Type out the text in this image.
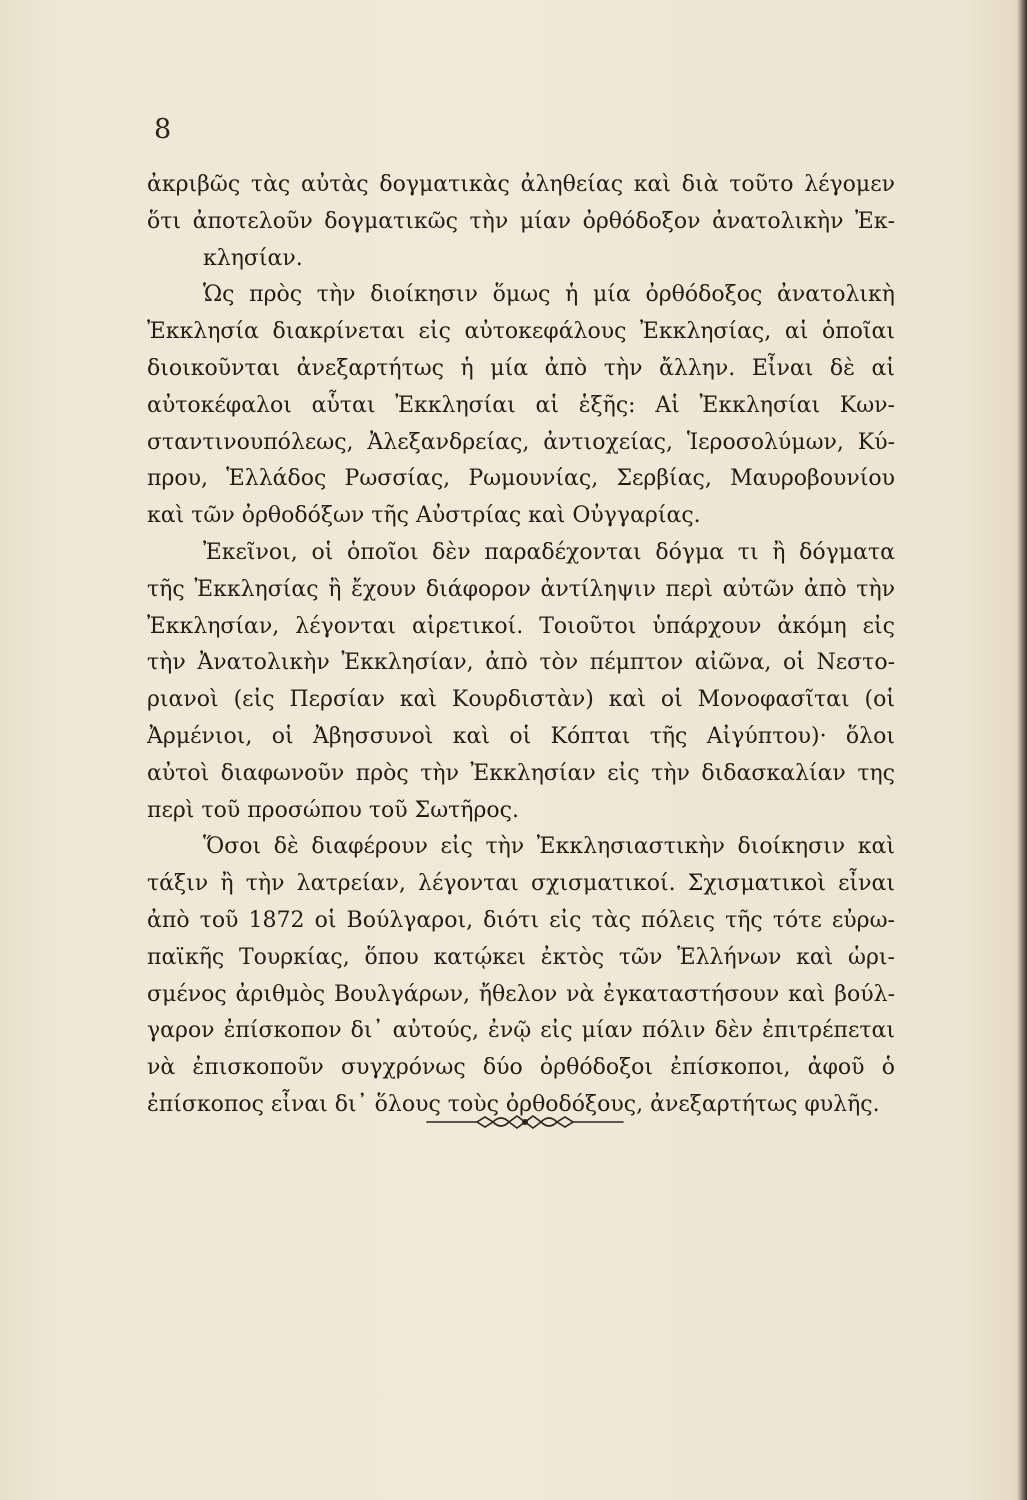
8
ἀκριβῶς τὰς αὐτὰς δογματικὰς ἀληθείας καὶ διὰ τοῦτο λέγομεν
ὅτι ἀποτελοῦν δογματικῶς τὴν μίαν ὀρθόδοξον ἀνατολικὴν Ἐκ-
κλησίαν.
Ὡς πρὸς τὴν διοίκησιν ὅμως ἡ μία ὀρθόδοξος ἀνατολικὴ
Ἐκκλησία διακρίνεται εἰς αὐτοκεφάλους Ἐκκλησίας, αἱ ὁποῖαι
διοικοῦνται ἀνεξαρτήτως ἡ μία ἀπὸ τὴν ἄλλην. Εἶναι δὲ αἱ
αὐτοκέφαλοι αὗται Ἐκκλησίαι αἱ ἑξῆς: Αἱ Ἐκκλησίαι Κων-
σταντινουπόλεως, Ἀλεξανδρείας, ἀντιοχείας, Ἱεροσολύμων, Κύ-
πρου, Ἑλλάδος Ρωσσίας, Ρωμουνίας, Σερβίας, Μαυροβουνίου
καὶ τῶν ὀρθοδόξων τῆς Αὐστρίας καὶ Οὐγγαρίας.
Ἐκεῖνοι, οἱ ὁποῖοι δὲν παραδέχονται δόγμα τι ἢ δόγματα
τῆς Ἐκκλησίας ἢ ἔχουν διάφορον ἀντίληψιν περὶ αὐτῶν ἀπὸ τὴν
Ἐκκλησίαν, λέγονται αἱρετικοί. Τοιοῦτοι ὑπάρχουν ἀκόμη εἰς
τὴν Ἀνατολικὴν Ἐκκλησίαν, ἀπὸ τὸν πέμπτον αἰῶνα, οἱ Νεστο-
ριανοὶ (εἰς Περσίαν καὶ Κουρδιστὰν) καὶ οἱ Μονοφασῖται (οἱ
Ἀρμένιοι, οἱ Ἀβησσυνοὶ καὶ οἱ Κόπται τῆς Αἰγύπτου)· ὅλοι
αὐτοὶ διαφωνοῦν πρὸς τὴν Ἐκκλησίαν εἰς τὴν διδασκαλίαν της
περὶ τοῦ προσώπου τοῦ Σωτῆρος.
Ὅσοι δὲ διαφέρουν εἰς τὴν Ἐκκλησιαστικὴν διοίκησιν καὶ
τάξιν ἢ τὴν λατρείαν, λέγονται σχισματικοί. Σχισματικοὶ εἶναι
ἀπὸ τοῦ 1872 οἱ Βούλγαροι, διότι εἰς τὰς πόλεις τῆς τότε εὐρω-
παϊκῆς Τουρκίας, ὅπου κατῴκει ἐκτὸς τῶν Ἑλλήνων καὶ ὡρι-
σμένος ἀριθμὸς Βουλγάρων, ἤθελον νὰ ἐγκαταστήσουν καὶ βούλ-
γαρον ἐπίσκοπον δι᾽ αὐτούς, ἐνῷ εἰς μίαν πόλιν δὲν ἐπιτρέπεται
νὰ ἐπισκοποῦν συγχρόνως δύο ὀρθόδοξοι ἐπίσκοποι, ἀφοῦ ὁ
ἐπίσκοπος εἶναι δι᾽ ὅλους τοὺς ὀρθοδόξους, ἀνεξαρτήτως φυλῆς.
